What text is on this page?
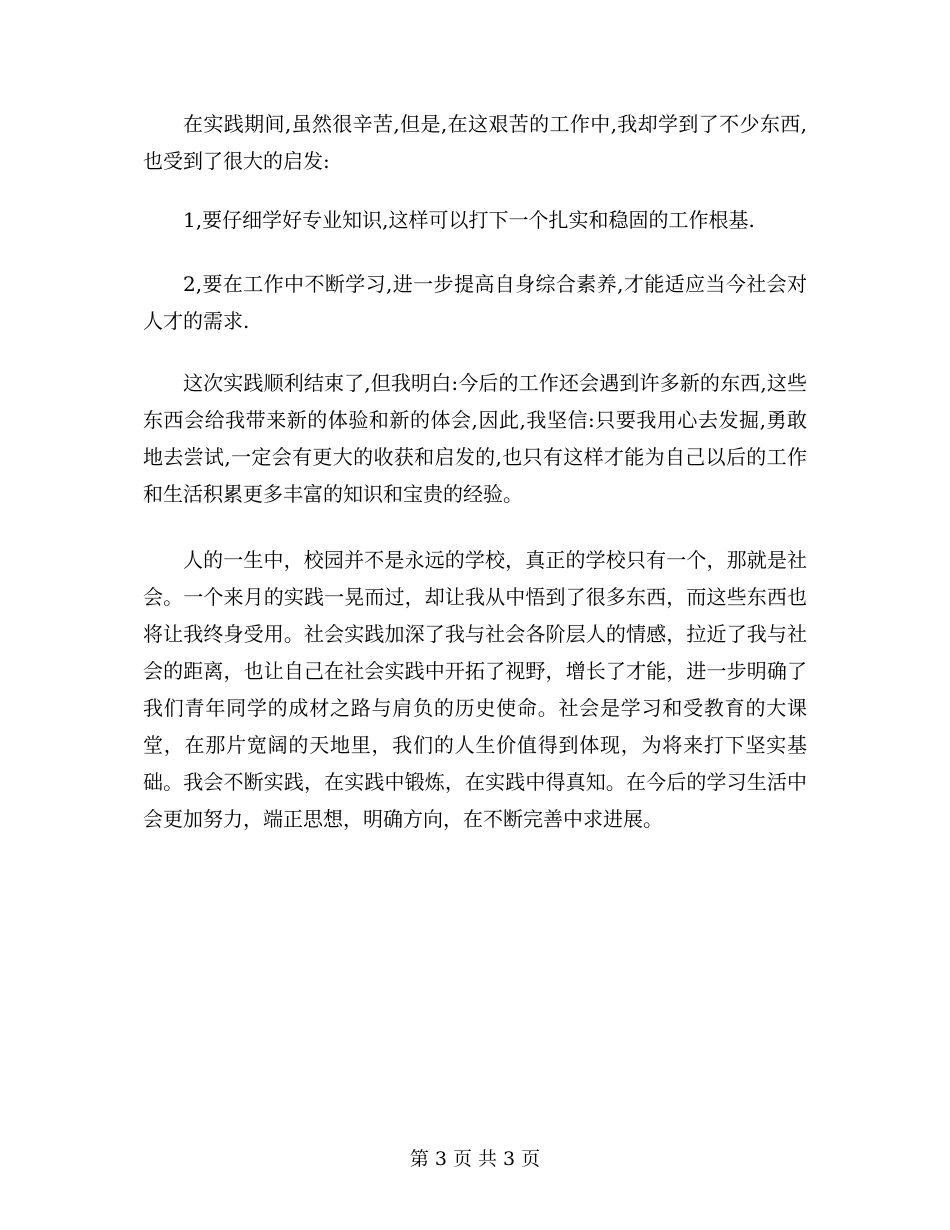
在实践期间,虽然很辛苦,但是,在这艰苦的工作中,我却学到了不少东西,也受到了很大的启发:

1,要仔细学好专业知识,这样可以打下一个扎实和稳固的工作根基.

2,要在工作中不断学习,进一步提高自身综合素养,才能适应当今社会对人才的需求.

这次实践顺利结束了,但我明白:今后的工作还会遇到许多新的东西,这些东西会给我带来新的体验和新的体会,因此,我坚信:只要我用心去发掘,勇敢地去尝试,一定会有更大的收获和启发的,也只有这样才能为自己以后的工作和生活积累更多丰富的知识和宝贵的经验。

人的一生中，校园并不是永远的学校，真正的学校只有一个，那就是社会。一个来月的实践一晃而过，却让我从中悟到了很多东西，而这些东西也将让我终身受用。社会实践加深了我与社会各阶层人的情感，拉近了我与社会的距离，也让自己在社会实践中开拓了视野，增长了才能，进一步明确了我们青年同学的成材之路与肩负的历史使命。社会是学习和受教育的大课堂，在那片宽阔的天地里，我们的人生价值得到体现，为将来打下坚实基础。我会不断实践，在实践中锻炼，在实践中得真知。在今后的学习生活中会更加努力，端正思想，明确方向，在不断完善中求进展。

第 3 页 共 3 页
